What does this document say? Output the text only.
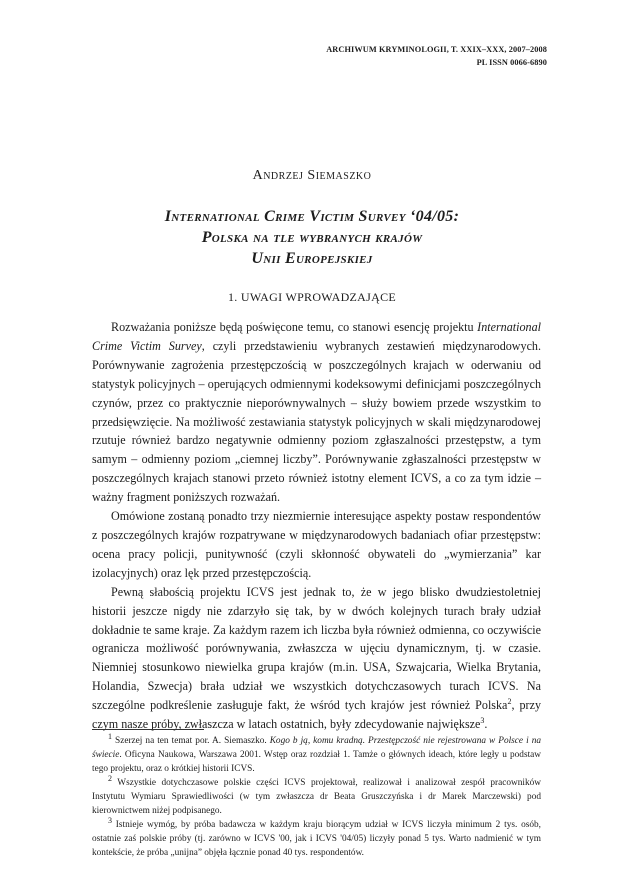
ARCHIWUM KRYMINOLOGII, T. XXIX–XXX, 2007–2008
PL ISSN 0066-6890
Andrzej Siemaszko
International Crime Victim Survey ‘04/05:
Polska na tle wybranych krajów
Unii Europejskiej
1. UWAGI WPROWADZAJĄCE

Rozważania poniższe będą poświęcone temu, co stanowi esencję projektu International Crime Victim Survey, czyli przedstawieniu wybranych zestawień międzynarodowych. Porównywanie zagrożenia przestępczością w poszczególnych krajach w oderwaniu od statystyk policyjnych – operujących odmiennymi kodeksowymi definicjami poszczególnych czynów, przez co praktycznie nieporównywalnych – służy bowiem przede wszystkim to przedsięwzięcie. Na możliwość zestawiania statystyk policyjnych w skali międzynarodowej rzutuje również bardzo negatywnie odmienny poziom zgłaszalności przestępstw, a tym samym – odmienny poziom „ciemnej liczby”. Porównywanie zgłaszalności przestępstw w poszczególnych krajach stanowi przeto również istotny element ICVS, a co za tym idzie – ważny fragment poniższych rozważań.

Omówione zostaną ponadto trzy niezmiernie interesujące aspekty postaw respondentów z poszczególnych krajów rozpatrywane w międzynarodowych badaniach ofiar przestępstw: ocena pracy policji, punitywność (czyli skłonność obywateli do „wymierzania” kar izolacyjnych) oraz lęk przed przestępczością.

Pewną słabością projektu ICVS jest jednak to, że w jego blisko dwudziestoletniej historii jeszcze nigdy nie zdarzyło się tak, by w dwóch kolejnych turach brały udział dokładnie te same kraje. Za każdym razem ich liczba była również odmienna, co oczywiście ogranicza możliwość porównywania, zwłaszcza w ujęciu dynamicznym, tj. w czasie. Niemniej stosunkowo niewielka grupa krajów (m.in. USA, Szwajcaria, Wielka Brytania, Holandia, Szwecja) brała udział we wszystkich dotychczasowych turach ICVS. Na szczególne podkreślenie zasługuje fakt, że wśród tych krajów jest również Polska$^2$, przy czym nasze próby, zwłaszcza w latach ostatnich, były zdecydowanie największe$^3$.

$^1$ Szerzej na ten temat por. A. Siemaszko. Kogo b ją, komu kradną. Przestępczość nie rejestrowana w Polsce i na świecie. Oficyna Naukowa, Warszawa 2001. Wstęp oraz rozdział 1. Tamże o głównych ideach, które legły u podstaw tego projektu, oraz o krótkiej historii ICVS.

$^2$ Wszystkie dotychczasowe polskie części ICVS projektował, realizował i analizował zespół pracowników Instytutu Wymiaru Sprawiedliwości (w tym zwłaszcza dr Beata Gruszczyńska i dr Marek Marczewski) pod kierownictwem niżej podpisanego.

$^3$ Istnieje wymóg, by próba badawcza w każdym kraju biorącym udział w ICVS liczyła minimum 2 tys. osób, ostatnie zaś polskie próby (tj. zarówno w ICVS '00, jak i ICVS '04/05) liczyły ponad 5 tys. Warto nadmienić w tym kontekście, że próba „unijna” objęła łącznie ponad 40 tys. respondentów.
